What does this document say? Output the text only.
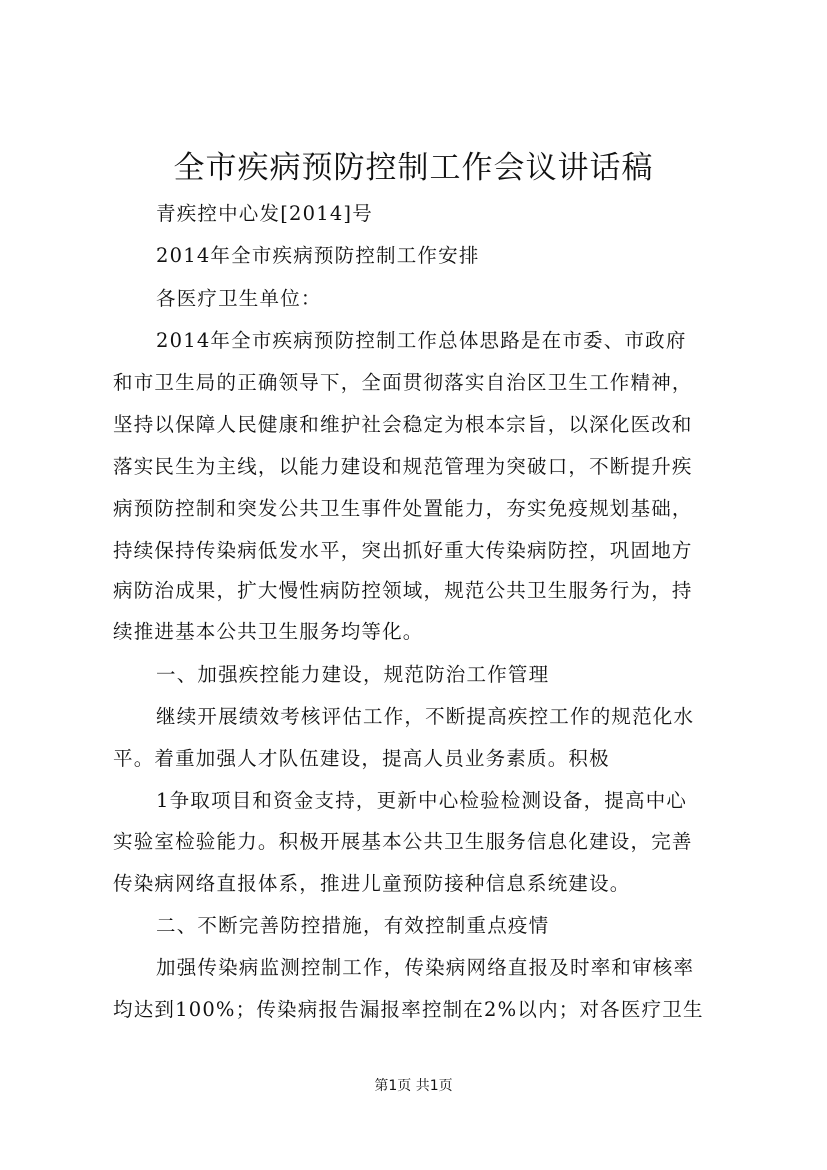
全市疾病预防控制工作会议讲话稿
青疾控中心发[2014]号
2014年全市疾病预防控制工作安排
各医疗卫生单位：
2014年全市疾病预防控制工作总体思路是在市委、市政府
和市卫生局的正确领导下，全面贯彻落实自治区卫生工作精神，
坚持以保障人民健康和维护社会稳定为根本宗旨，以深化医改和
落实民生为主线，以能力建设和规范管理为突破口，不断提升疾
病预防控制和突发公共卫生事件处置能力，夯实免疫规划基础，
持续保持传染病低发水平，突出抓好重大传染病防控，巩固地方
病防治成果，扩大慢性病防控领域，规范公共卫生服务行为，持
续推进基本公共卫生服务均等化。
一、加强疾控能力建设，规范防治工作管理
继续开展绩效考核评估工作，不断提高疾控工作的规范化水
平。着重加强人才队伍建设，提高人员业务素质。积极
1争取项目和资金支持，更新中心检验检测设备，提高中心
实验室检验能力。积极开展基本公共卫生服务信息化建设，完善
传染病网络直报体系，推进儿童预防接种信息系统建设。
二、不断完善防控措施，有效控制重点疫情
加强传染病监测控制工作，传染病网络直报及时率和审核率
均达到100%；传染病报告漏报率控制在2%以内；对各医疗卫生
第1页 共1页
